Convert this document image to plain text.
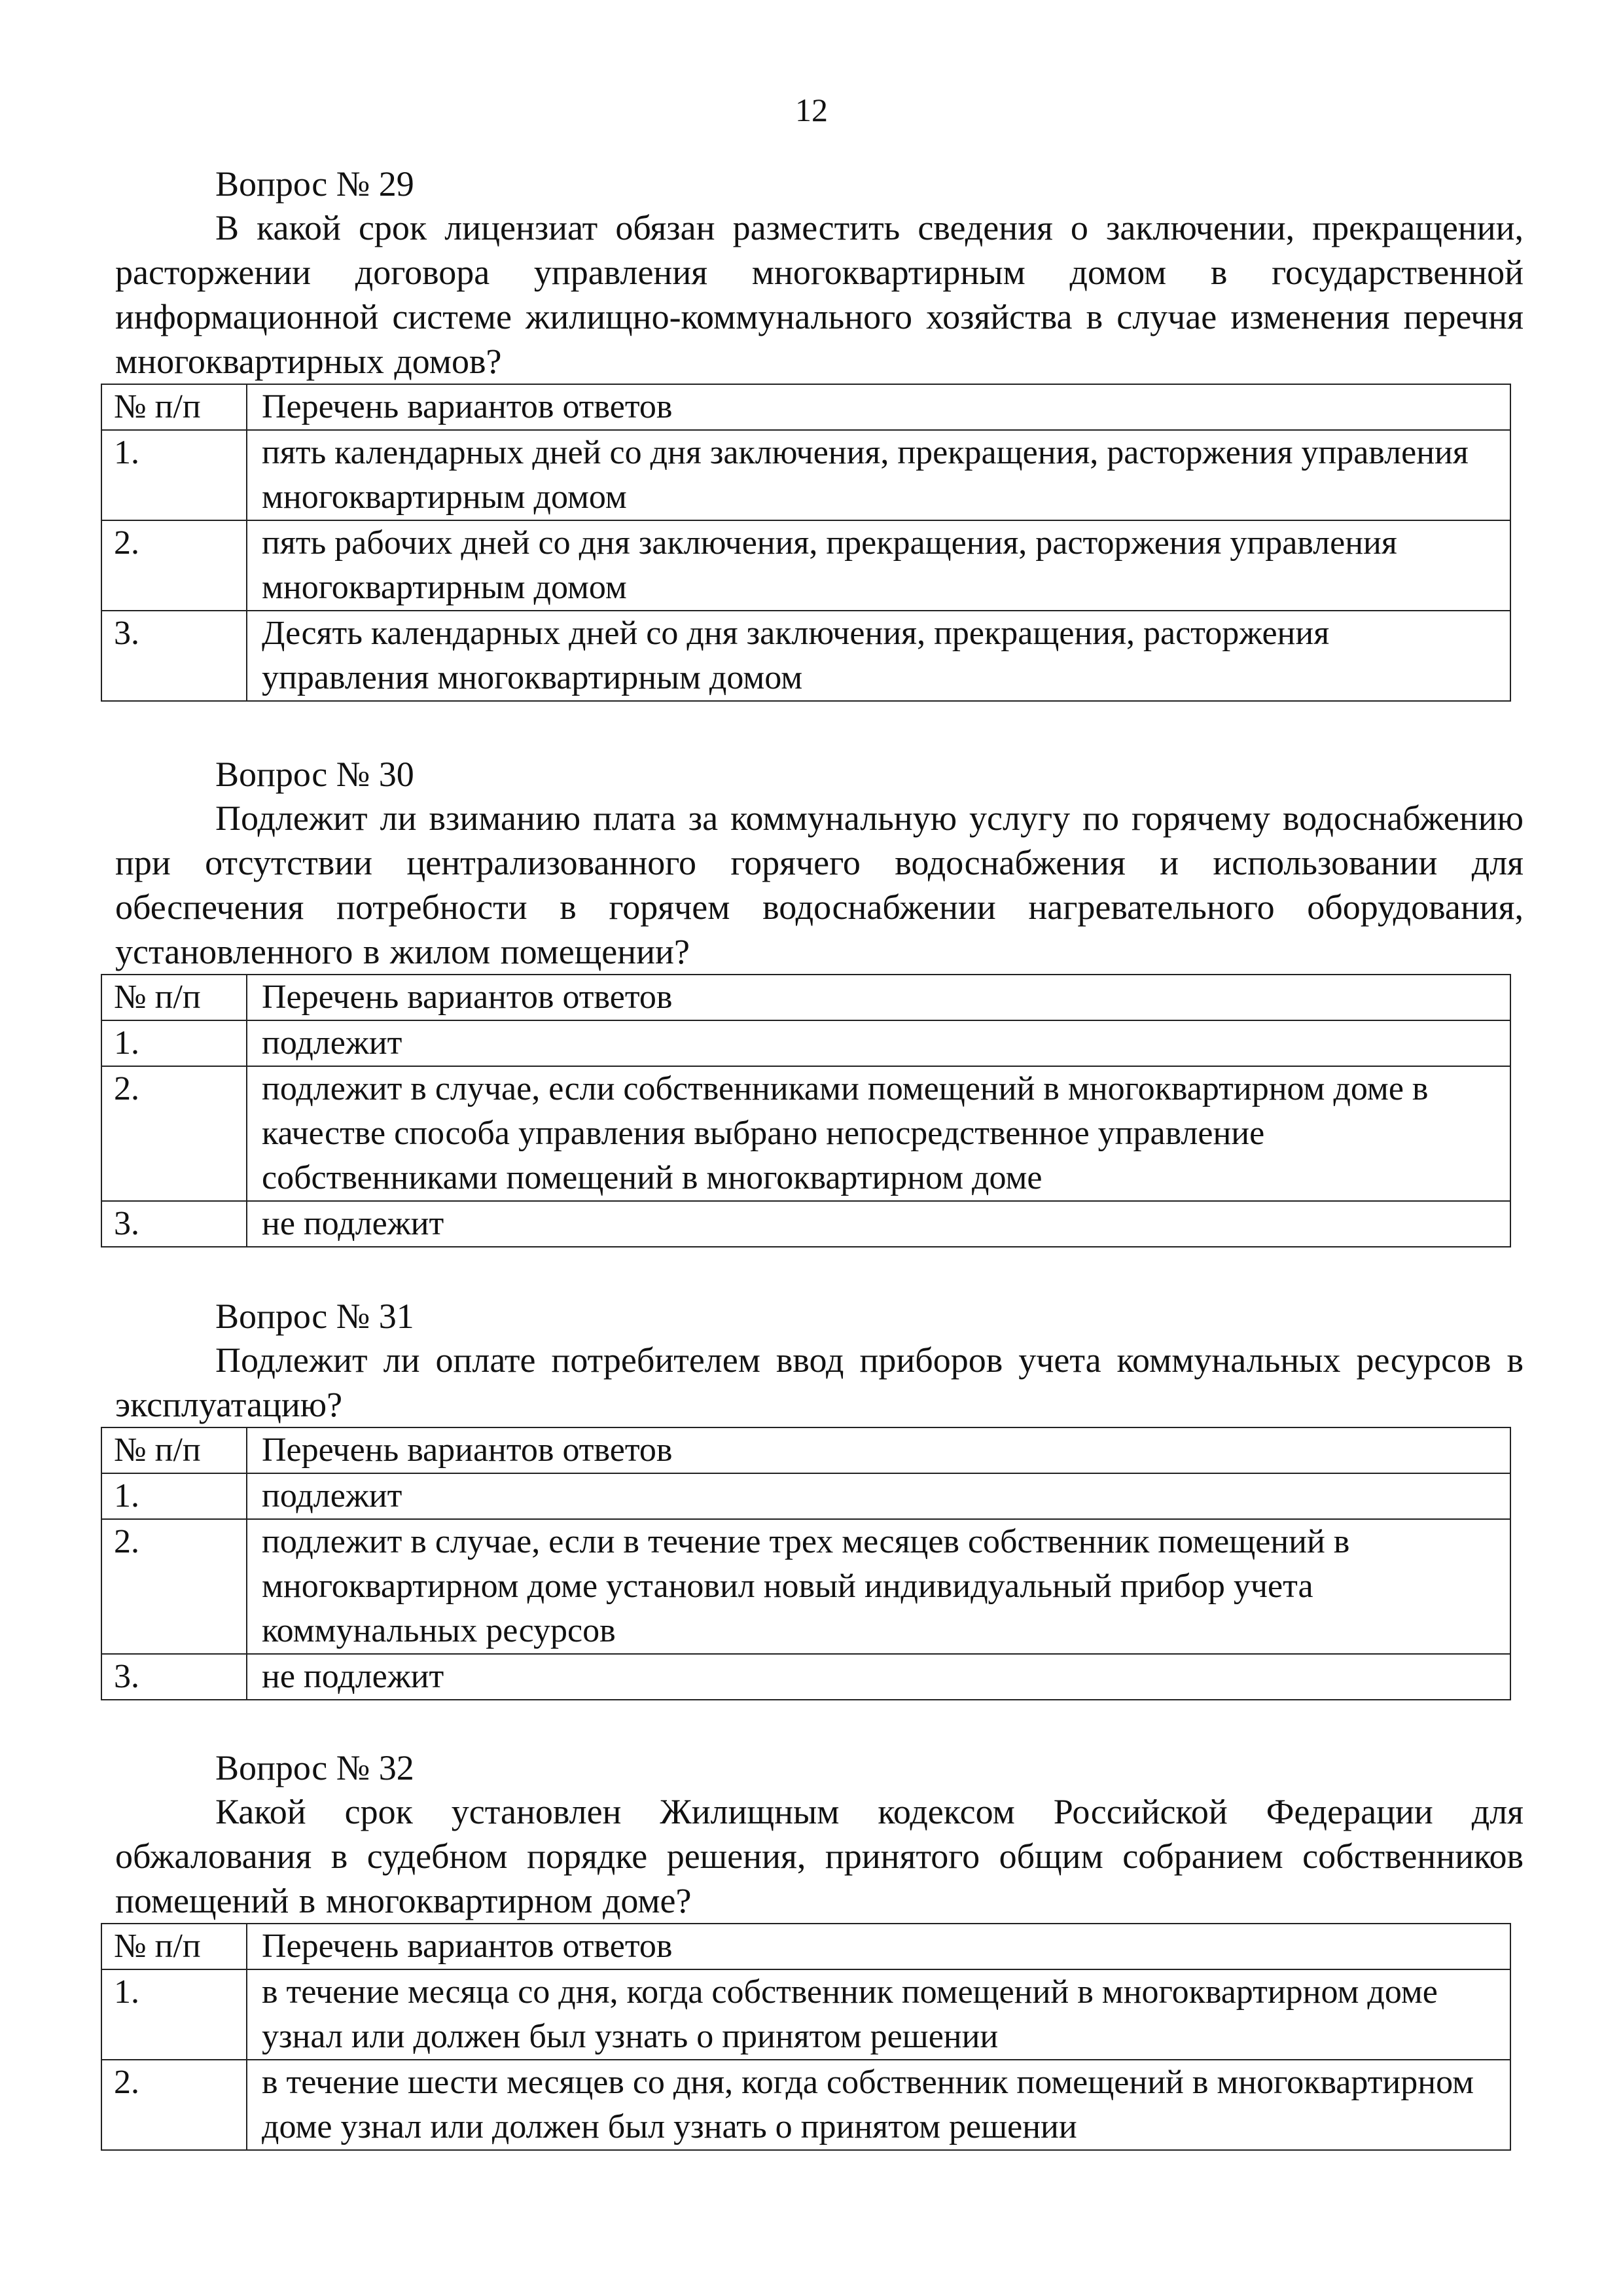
12
Вопрос № 29

В какой срок лицензиат обязан разместить сведения о заключении, прекращении, расторжении договора управления многоквартирным домом в государственной информационной системе жилищно-коммунального хозяйства в случае изменения перечня многоквартирных домов?

№ п/п	Перечень вариантов ответов
1.	пять календарных дней со дня заключения, прекращения, расторжения управления многоквартирным домом
2.	пять рабочих дней со дня заключения, прекращения, расторжения управления многоквартирным домом
3.	Десять календарных дней со дня заключения, прекращения, расторжения управления многоквартирным домом
Вопрос № 30

Подлежит ли взиманию плата за коммунальную услугу по горячему водоснабжению при отсутствии централизованного горячего водоснабжения и использовании для обеспечения потребности в горячем водоснабжении нагревательного оборудования, установленного в жилом помещении?

№ п/п	Перечень вариантов ответов
1.	подлежит
2.	подлежит в случае, если собственниками помещений в многоквартирном доме в качестве способа управления выбрано непосредственное управление собственниками помещений в многоквартирном доме
3.	не подлежит
Вопрос № 31

Подлежит ли оплате потребителем ввод приборов учета коммунальных ресурсов в эксплуатацию?

№ п/п	Перечень вариантов ответов
1.	подлежит
2.	подлежит в случае, если в течение трех месяцев собственник помещений в многоквартирном доме установил новый индивидуальный прибор учета коммунальных ресурсов
3.	не подлежит
Вопрос № 32

Какой срок установлен Жилищным кодексом Российской Федерации для обжалования в судебном порядке решения, принятого общим собранием собственников помещений в многоквартирном доме?

№ п/п	Перечень вариантов ответов
1.	в течение месяца со дня, когда собственник помещений в многоквартирном доме узнал или должен был узнать о принятом решении
2.	в течение шести месяцев со дня, когда собственник помещений в многоквартирном доме узнал или должен был узнать о принятом решении
